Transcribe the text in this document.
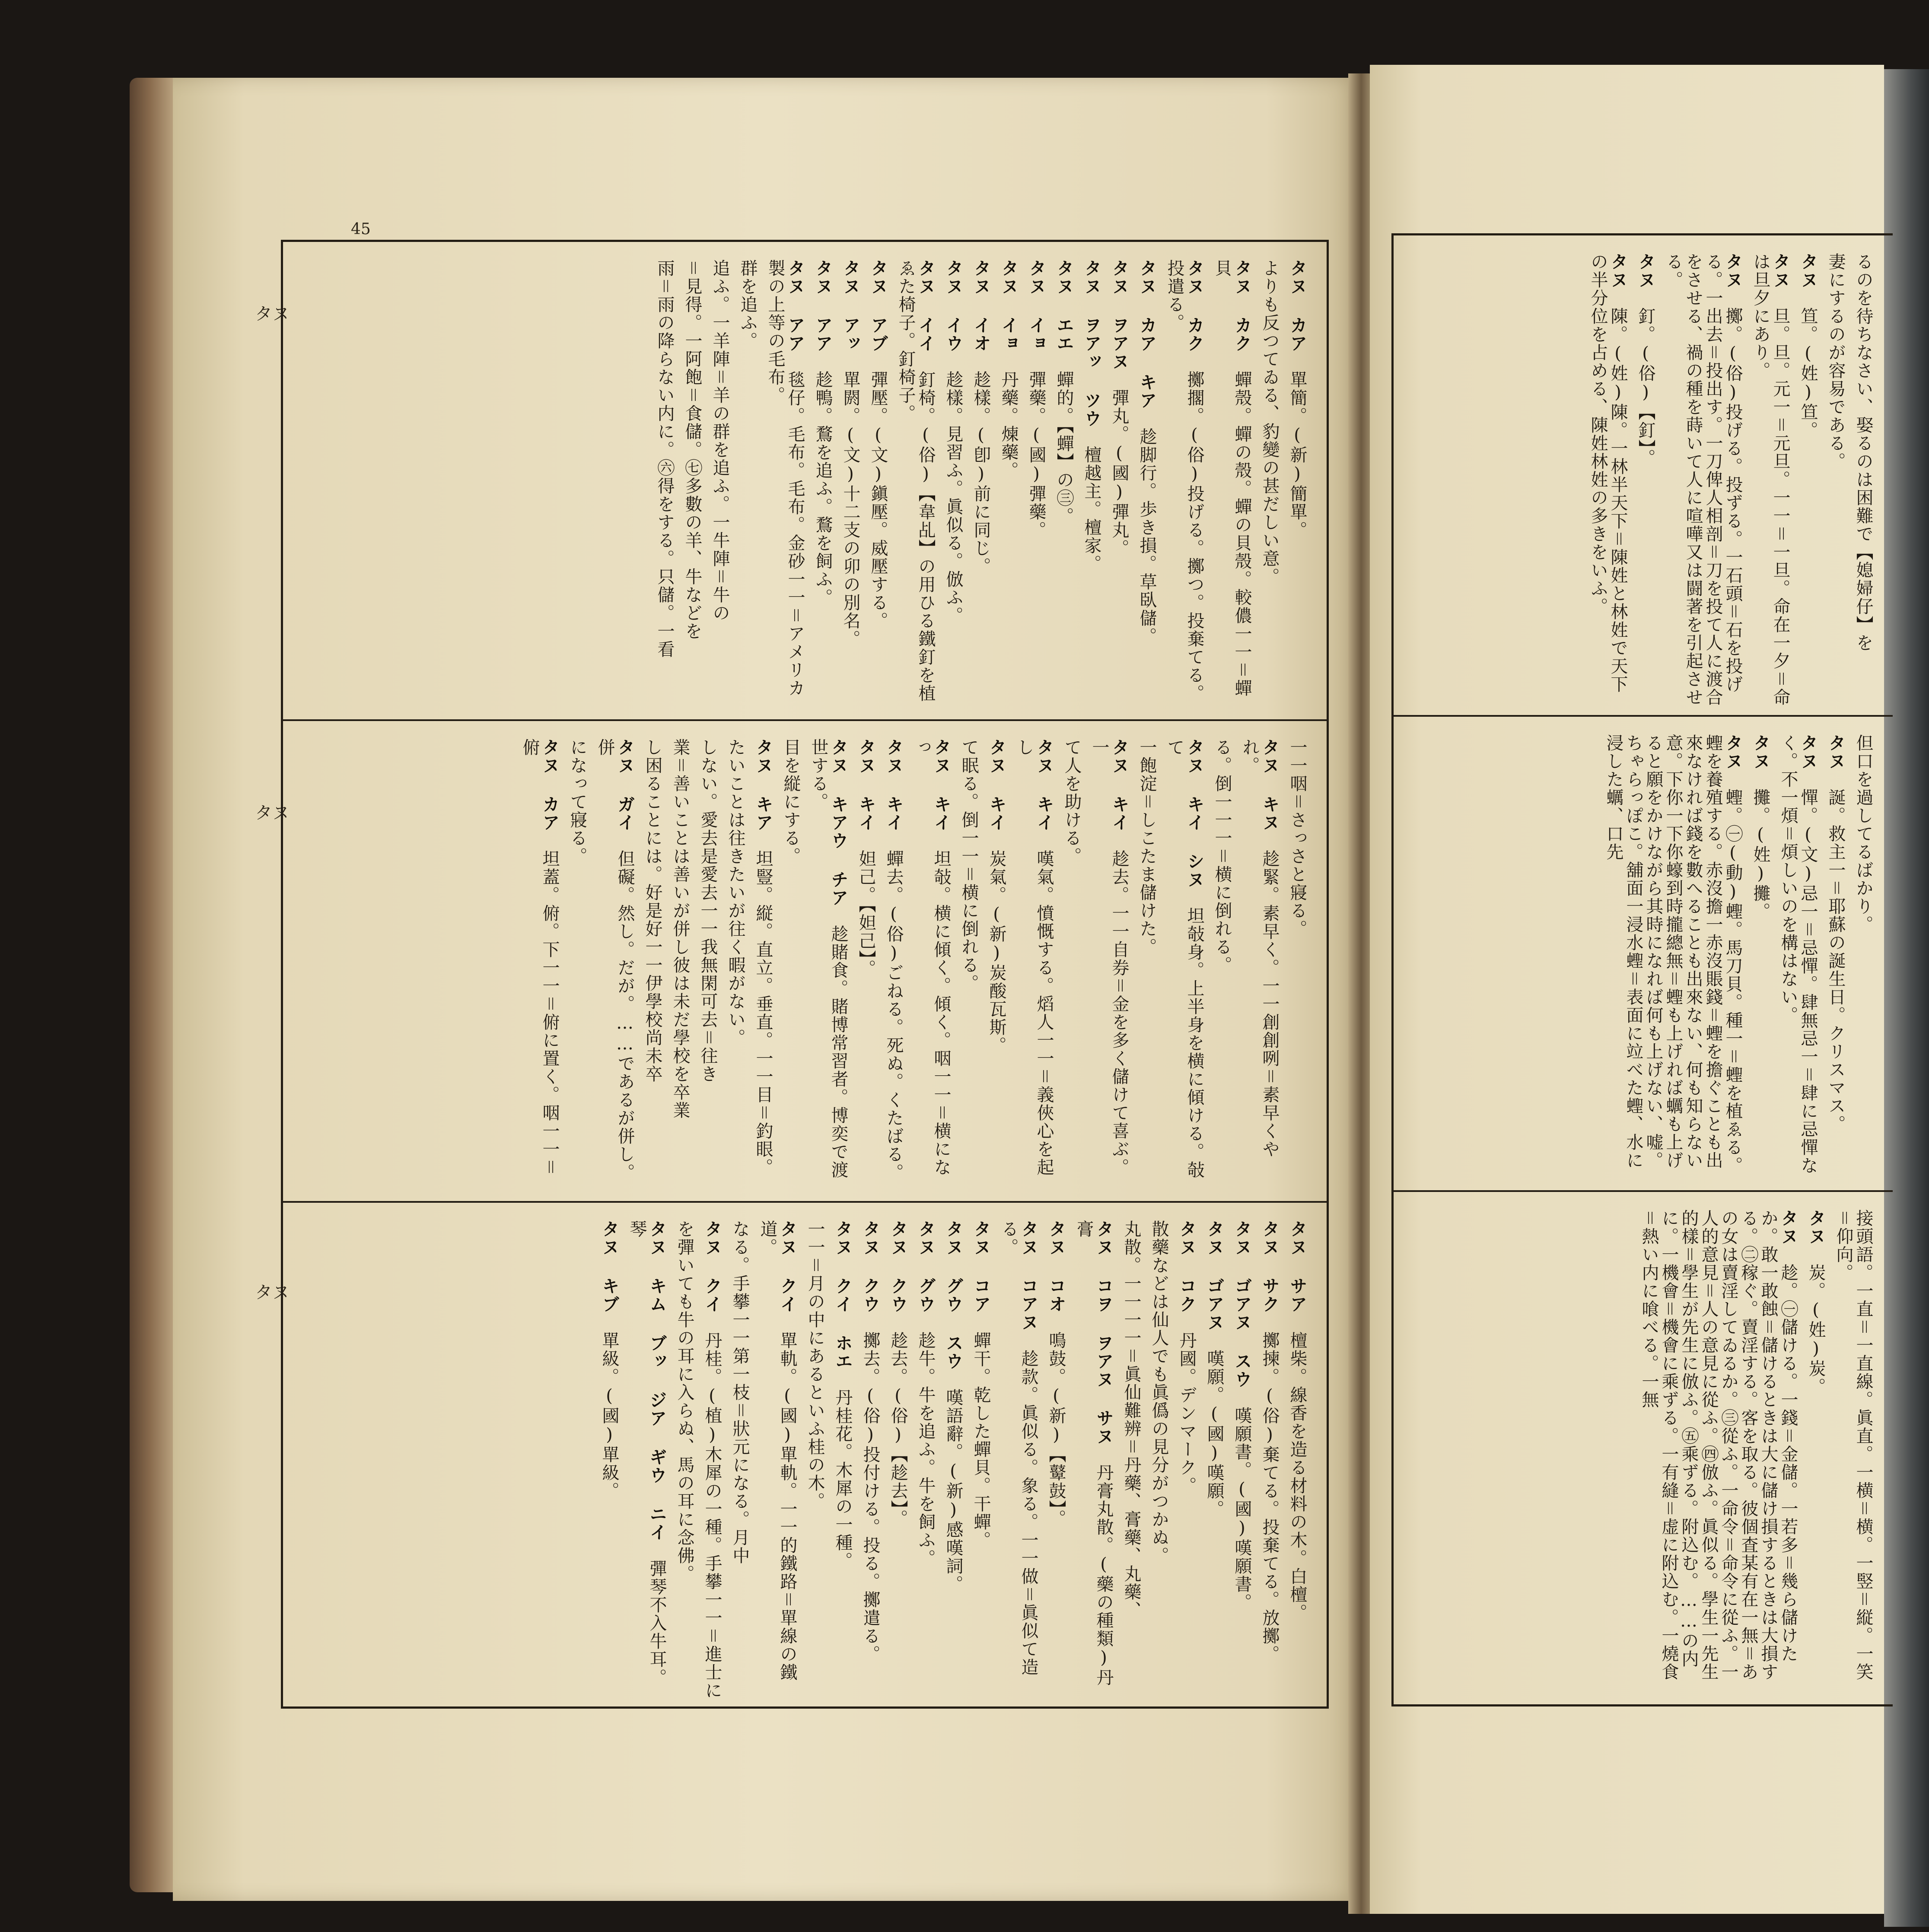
45
タヌ
タヌ
タヌ
タヌ カア　單簡。(新)簡單。
よりも反つてゐる、豹變の甚だしい意。
タヌ カク　蟬殼。蟬の殼。蟬の貝殼。較儂一一＝蟬貝
タヌ カク　擲擱。(俗)投げる。擲つ。投棄てる。投遣る。
タヌ カア キア　趁脚行。歩き損。草臥儲。
タヌ ヲアヌ　彈丸。(國)彈丸。
タヌ ヲアッ ツウ　檀越主。檀家。
タヌ エエ　蟬的。【蟬】の㊂。
タヌ イョ　彈藥。(國)彈藥。
タヌ イョ　丹藥。煉藥。
タヌ イオ　趁樣。(卽)前に同じ。
タヌ イウ　趁樣。見習ふ。眞似る。倣ふ。
タヌ イイ　釘椅。(俗)【韋乩】の用ひる鐵釘を植ゑた椅子。釘椅子。
タヌ アブ　彈壓。(文)鎭壓。威壓する。
タヌ アッ　單閼。(文)十二支の卯の別名。
タヌ アア　趁鴨。鶩を追ふ。鶩を飼ふ。
タヌ アア　毯仔。毛布。毛布。金砂一一＝アメリカ製の上等の毛布。
群を追ふ。
追ふ。一羊陣＝羊の群を追ふ。一牛陣＝牛の
＝見得。一阿飽＝食儲。㊆多數の羊、牛などを
雨＝雨の降らない内に。㊅得をする。只儲。一看
一一咽＝さっさと寢る。
タヌ キヌ　趁緊。素早く。一一創創咧＝素早くやれ。
る。倒一一一＝横に倒れる。
タヌ キイ シヌ　坦敧身。上半身を横に傾ける。敧て
一飽淀＝しこたま儲けた。
タヌ キイ　趁去。一一自券＝金を多く儲けて喜ぶ。一
て人を助ける。
タヌ キイ　嘆氣。憤慨する。熖人一一＝義俠心を起し
タヌ キイ　炭氣。(新)炭酸瓦斯。
て眠る。倒一一＝横に倒れる。
タヌ キイ　坦敧。横に傾く。傾く。咽一一＝横になっ
タヌ キイ　蟬去。(俗)ごねる。死ぬ。くたばる。
タヌ キイ　妲己。【妲己】。
タヌ キアウ チア　趁賭食。賭博常習者。博奕で渡世する。
目を縦にする。
タヌ キア　坦豎。縦。直立。垂直。一一目＝釣眼。
たいことは往きたいが往く暇がない。
しない。愛去是愛去一一我無閑可去＝往き
業＝善いことは善いが併し彼は未だ學校を卒業
し困ることには。好是好一一伊學校尚未卒
タヌ ガイ　但礙。然し。だが。……であるが併し。併
になって寢る。
タヌ カア　坦蓋。俯。下一一＝俯に置く。咽一一＝俯
タヌ サア　檀柴。線香を造る材料の木。白檀。
タヌ サク　擲揀。(俗)棄てる。投棄てる。放擲。
タヌ ゴアヌ スウ　嘆願書。(國)嘆願書。
タヌ ゴアヌ　嘆願。(國)嘆願。
タヌ コク　丹國。デンマーク。
散藥などは仙人でも眞僞の見分がつかぬ。
丸散。一一一一＝眞仙難辨＝丹藥、膏藥、丸藥、
タヌ コヲ ヲアヌ サヌ　丹膏丸散。(藥の種類)丹膏
タヌ コオ　鳴鼓。(新)【鼙鼓】。
タヌ コアヌ　趁款。眞似る。象る。一一做＝眞似て造る。
タヌ コア　蟬干。乾した蟬貝。干蟬。
タヌ グウ スウ　嘆語辭。(新)感嘆詞。
タヌ グウ　趁牛。牛を追ふ。牛を飼ふ。
タヌ クウ　趁去。(俗)【趁去】。
タヌ クウ　擲去。(俗)投付ける。投る。擲遣る。
タヌ クイ ホエ　丹桂花。木犀の一種。
一一＝月の中にあるといふ桂の木。
タヌ クイ　單軌。(國)單軌。一一的鐵路＝單線の鐵道。
なる。手攀一一第一枝＝狀元になる。月中
タヌ クイ　丹桂。(植)木犀の一種。手攀一一＝進士に
を彈いても牛の耳に入らぬ、馬の耳に念佛。
タヌ キム ブッ ジア ギウ ニイ　彈琴不入牛耳。琴
タヌ キブ　單級。(國)單級。
るのを待ちなさい、娶るのは困難で【媳婦仔】を
妻にするのが容易である。
タヌ　笪。(姓)笪。
タヌ　旦。旦。元一＝元旦。一一＝一旦。命在一夕＝命は旦夕にあり。
タヌ　擲。(俗)投げる。投ずる。一石頭＝石を投げる。一出去＝投出す。一刀俾人相剖＝刀を投て人に渡合をさせる、禍の種を蒔いて人に喧嘩又は闘著を引起させる。
タヌ　釘。(俗)【釘】。
タヌ　陳。(姓)陳。一林半天下＝陳姓と林姓で天下の半分位を占める、陳姓林姓の多きをいふ。
但口を過してるばかり。
タヌ　誕。救主一＝耶蘇の誕生日。クリスマス。
タヌ　憚。(文)忌一＝忌憚。肆無忌一＝肆に忌憚なく。不一煩＝煩しいのを構はない。
タヌ　攤。(姓)攤。
タヌ　蟶。㊀(動)蟶。馬刀貝。種一＝蟶を植ゑる。蟶を養殖する。赤沒擔一赤沒賬錢＝蟶を擔ぐことも出來なければ錢を數へることも出來ない、何も知らない意。下你一下你蠔到時攏總無＝蟶も上げれば蠣も上げると願をかけながら其時になれば何も上げない、嘘。ちゃらっぽこ。舖面一浸水蟶＝表面に竝べた蟶、水に浸した蠣、口先
接頭語。一直＝一直線。眞直。一横＝横。一竪＝縦。一笑＝仰向。
タヌ　炭。(姓)炭。
タヌ　趁。㊀儲ける。一錢＝金儲。一若多＝幾ら儲けたか。敢一敢蝕＝儲けるときは大に儲け損するときは大損する。㊁稼ぐ。賣淫する。客を取る。彼個査某有在一無＝あの女は賣淫してゐるか。㊂從ふ。一命令＝命令に從ふ。一人的意見＝人の意見に從ふ。㊃倣ふ。眞似る。學生一先生的樣＝學生が先生に倣ふ。㊄乘ずる。附込む。……の内に。一機會＝機會に乘ずる。一有縫＝虚に附込む。一燒食＝熱い内に喰べる。一無
